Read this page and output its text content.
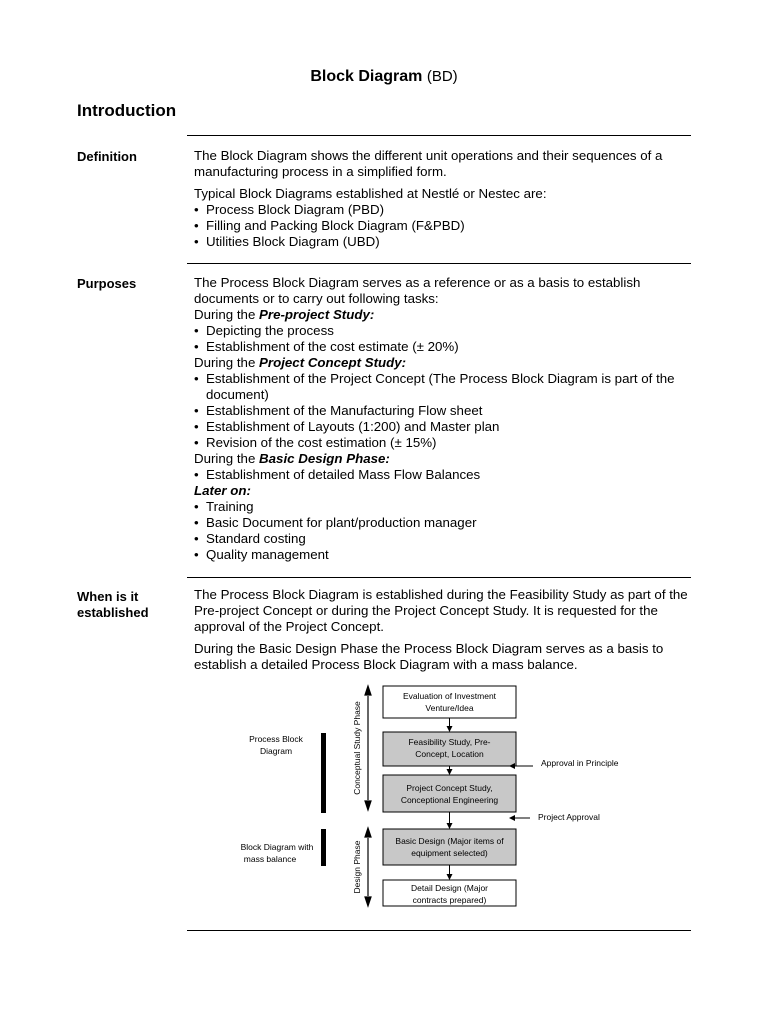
Block Diagram (BD)
Introduction
Definition	The Block Diagram shows the different unit operations and their sequences of a manufacturing process in a simplified form.

Typical Block Diagrams established at Nestlé or Nestec are:

• Process Block Diagram (PBD)
• Filling and Packing Block Diagram (F&PBD)
• Utilities Block Diagram (UBD)
Purposes	The Process Block Diagram serves as a reference or as a basis to establish documents or to carry out following tasks:
During the Pre-project Study:
• Depicting the process
• Establishment of the cost estimate (± 20%)
During the Project Concept Study:
• Establishment of the Project Concept (The Process Block Diagram is part of the document)
• Establishment of the Manufacturing Flow sheet
• Establishment of Layouts (1:200) and Master plan
• Revision of the cost estimation (± 15%)
During the Basic Design Phase:
• Establishment of detailed Mass Flow Balances
Later on:
• Training
• Basic Document for plant/production manager
• Standard costing
• Quality management
When is it
established

The Process Block Diagram is established during the Feasibility Study as part of the Pre-project Concept or during the Project Concept Study. It is requested for the approval of the Project Concept.

During the Basic Design Phase the Process Block Diagram serves as a basis to establish a detailed Process Block Diagram with a mass balance.

Evaluation of Investment
Venture/Idea
Feasibility Study, Pre-
Concept, Location
Project Concept Study,
Conceptional Engineering
Basic Design (Major items of
equipment selected)
Detail Design (Major
contracts prepared)
Conceptual Study Phase
Design Phase
Process Block
Diagram
Block Diagram with
mass balance
Approval in Principle
Project Approval
